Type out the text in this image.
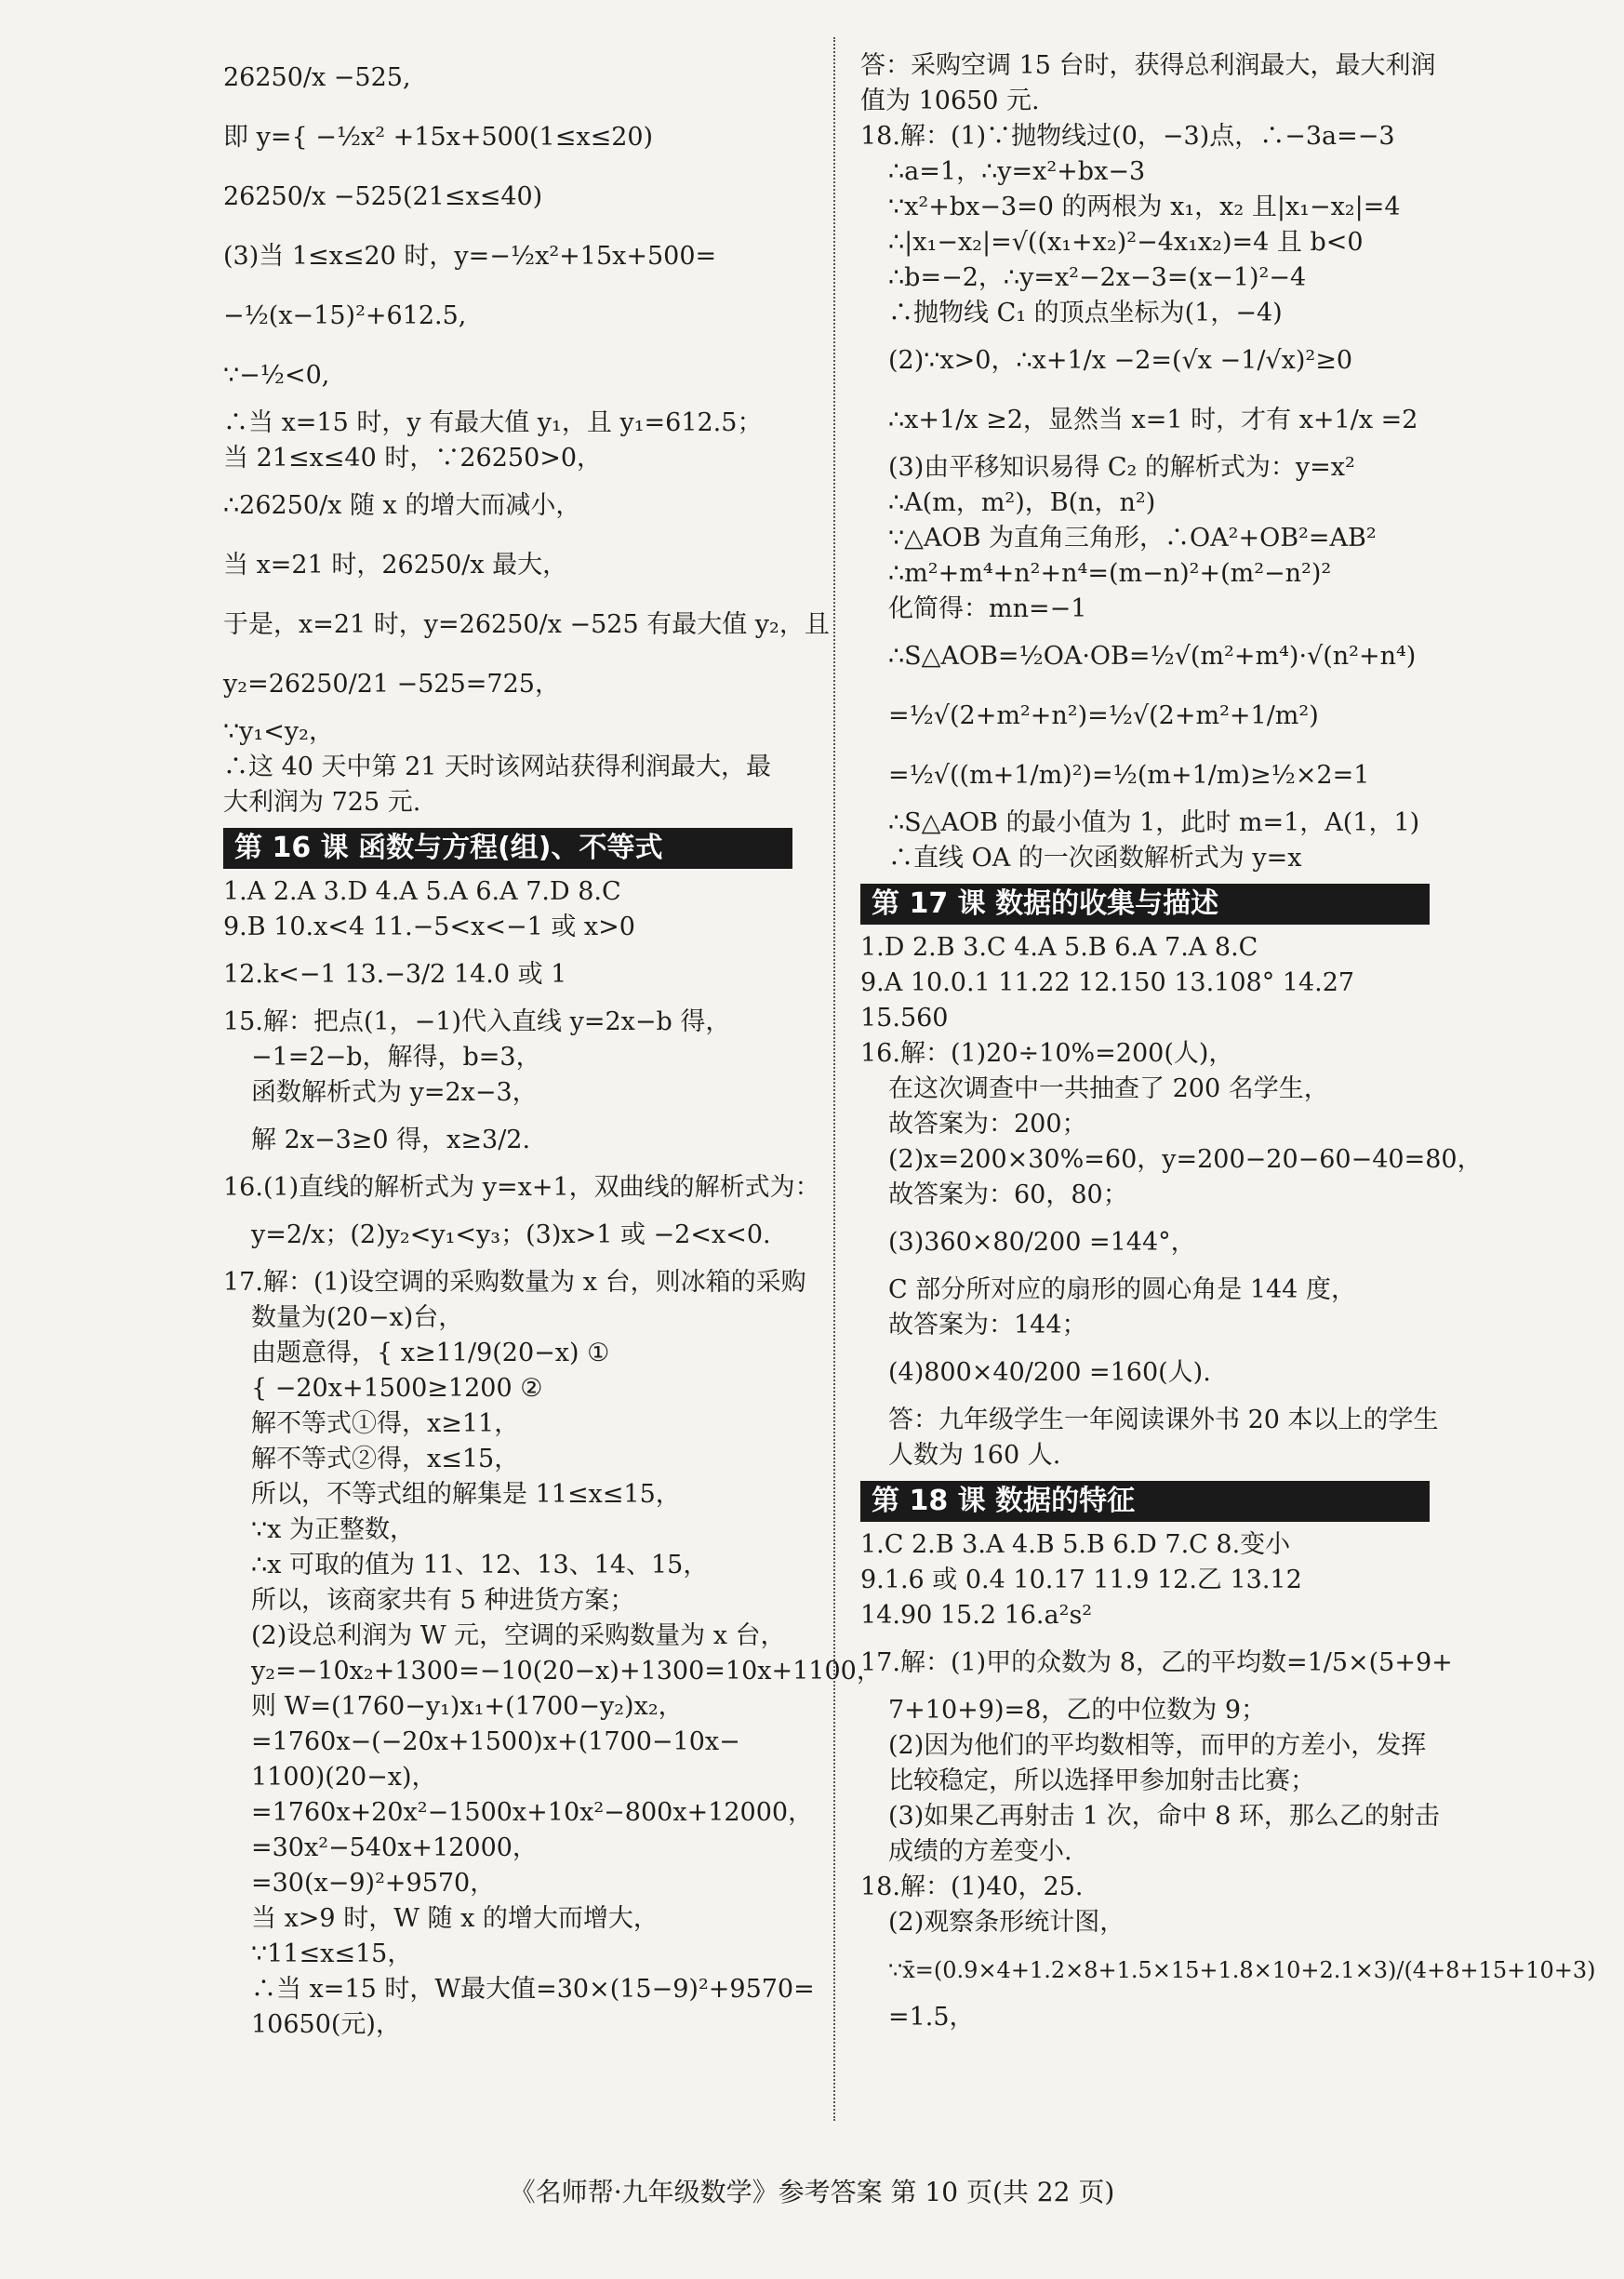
26250/x −525,
即 y={ −½x² +15x+500(1≤x≤20)
26250/x −525(21≤x≤40)
(3)当 1≤x≤20 时，y=−½x²+15x+500=
−½(x−15)²+612.5,
∵−½<0,
∴当 x=15 时，y 有最大值 y₁，且 y₁=612.5；
当 21≤x≤40 时，∵26250>0，
∴26250/x 随 x 的增大而减小，
当 x=21 时，26250/x 最大，
于是，x=21 时，y=26250/x −525 有最大值 y₂，且
y₂=26250/21 −525=725，
∵y₁<y₂，
∴这 40 天中第 21 天时该网站获得利润最大，最
大利润为 725 元.
第 16 课 函数与方程(组)、不等式
1.A 2.A 3.D 4.A 5.A 6.A 7.D 8.C
9.B 10.x<4 11.−5<x<−1 或 x>0
12.k<−1 13.−3/2 14.0 或 1
15.解：把点(1，−1)代入直线 y=2x−b 得，
−1=2−b，解得，b=3，
函数解析式为 y=2x−3，
解 2x−3≥0 得，x≥3/2.
16.(1)直线的解析式为 y=x+1，双曲线的解析式为：
y=2/x；(2)y₂<y₁<y₃；(3)x>1 或 −2<x<0.
17.解：(1)设空调的采购数量为 x 台，则冰箱的采购
数量为(20−x)台，
由题意得，{ x≥11/9(20−x) ①
{ −20x+1500≥1200 ②
解不等式①得，x≥11，
解不等式②得，x≤15，
所以，不等式组的解集是 11≤x≤15，
∵x 为正整数，
∴x 可取的值为 11、12、13、14、15，
所以，该商家共有 5 种进货方案；
(2)设总利润为 W 元，空调的采购数量为 x 台，
y₂=−10x₂+1300=−10(20−x)+1300=10x+1100，
则 W=(1760−y₁)x₁+(1700−y₂)x₂，
=1760x−(−20x+1500)x+(1700−10x−
1100)(20−x)，
=1760x+20x²−1500x+10x²−800x+12000，
=30x²−540x+12000，
=30(x−9)²+9570，
当 x>9 时，W 随 x 的增大而增大，
∵11≤x≤15，
∴当 x=15 时，W最大值=30×(15−9)²+9570=
10650(元)，
答：采购空调 15 台时，获得总利润最大，最大利润
值为 10650 元.
18.解：(1)∵抛物线过(0，−3)点，∴−3a=−3
∴a=1，∴y=x²+bx−3
∵x²+bx−3=0 的两根为 x₁，x₂ 且|x₁−x₂|=4
∴|x₁−x₂|=√((x₁+x₂)²−4x₁x₂)=4 且 b<0
∴b=−2，∴y=x²−2x−3=(x−1)²−4
∴抛物线 C₁ 的顶点坐标为(1，−4)
(2)∵x>0，∴x+1/x −2=(√x −1/√x)²≥0
∴x+1/x ≥2，显然当 x=1 时，才有 x+1/x =2
(3)由平移知识易得 C₂ 的解析式为：y=x²
∴A(m，m²)，B(n，n²)
∵△AOB 为直角三角形，∴OA²+OB²=AB²
∴m²+m⁴+n²+n⁴=(m−n)²+(m²−n²)²
化简得：mn=−1
∴S△AOB=½OA·OB=½√(m²+m⁴)·√(n²+n⁴)
=½√(2+m²+n²)=½√(2+m²+1/m²)
=½√((m+1/m)²)=½(m+1/m)≥½×2=1
∴S△AOB 的最小值为 1，此时 m=1，A(1，1)
∴直线 OA 的一次函数解析式为 y=x
第 17 课 数据的收集与描述
1.D 2.B 3.C 4.A 5.B 6.A 7.A 8.C
9.A 10.0.1 11.22 12.150 13.108° 14.27
15.560
16.解：(1)20÷10%=200(人)，
在这次调查中一共抽查了 200 名学生，
故答案为：200；
(2)x=200×30%=60，y=200−20−60−40=80，
故答案为：60，80；
(3)360×80/200 =144°，
C 部分所对应的扇形的圆心角是 144 度，
故答案为：144；
(4)800×40/200 =160(人).
答：九年级学生一年阅读课外书 20 本以上的学生
人数为 160 人.
第 18 课 数据的特征
1.C 2.B 3.A 4.B 5.B 6.D 7.C 8.变小
9.1.6 或 0.4 10.17 11.9 12.乙 13.12
14.90 15.2 16.a²s²
17.解：(1)甲的众数为 8，乙的平均数=1/5×(5+9+
7+10+9)=8，乙的中位数为 9；
(2)因为他们的平均数相等，而甲的方差小，发挥
比较稳定，所以选择甲参加射击比赛；
(3)如果乙再射击 1 次，命中 8 环，那么乙的射击
成绩的方差变小.
18.解：(1)40，25.
(2)观察条形统计图，
∵x̄=(0.9×4+1.2×8+1.5×15+1.8×10+2.1×3)/(4+8+15+10+3)
=1.5，
《名师帮·九年级数学》参考答案 第 10 页(共 22 页)
